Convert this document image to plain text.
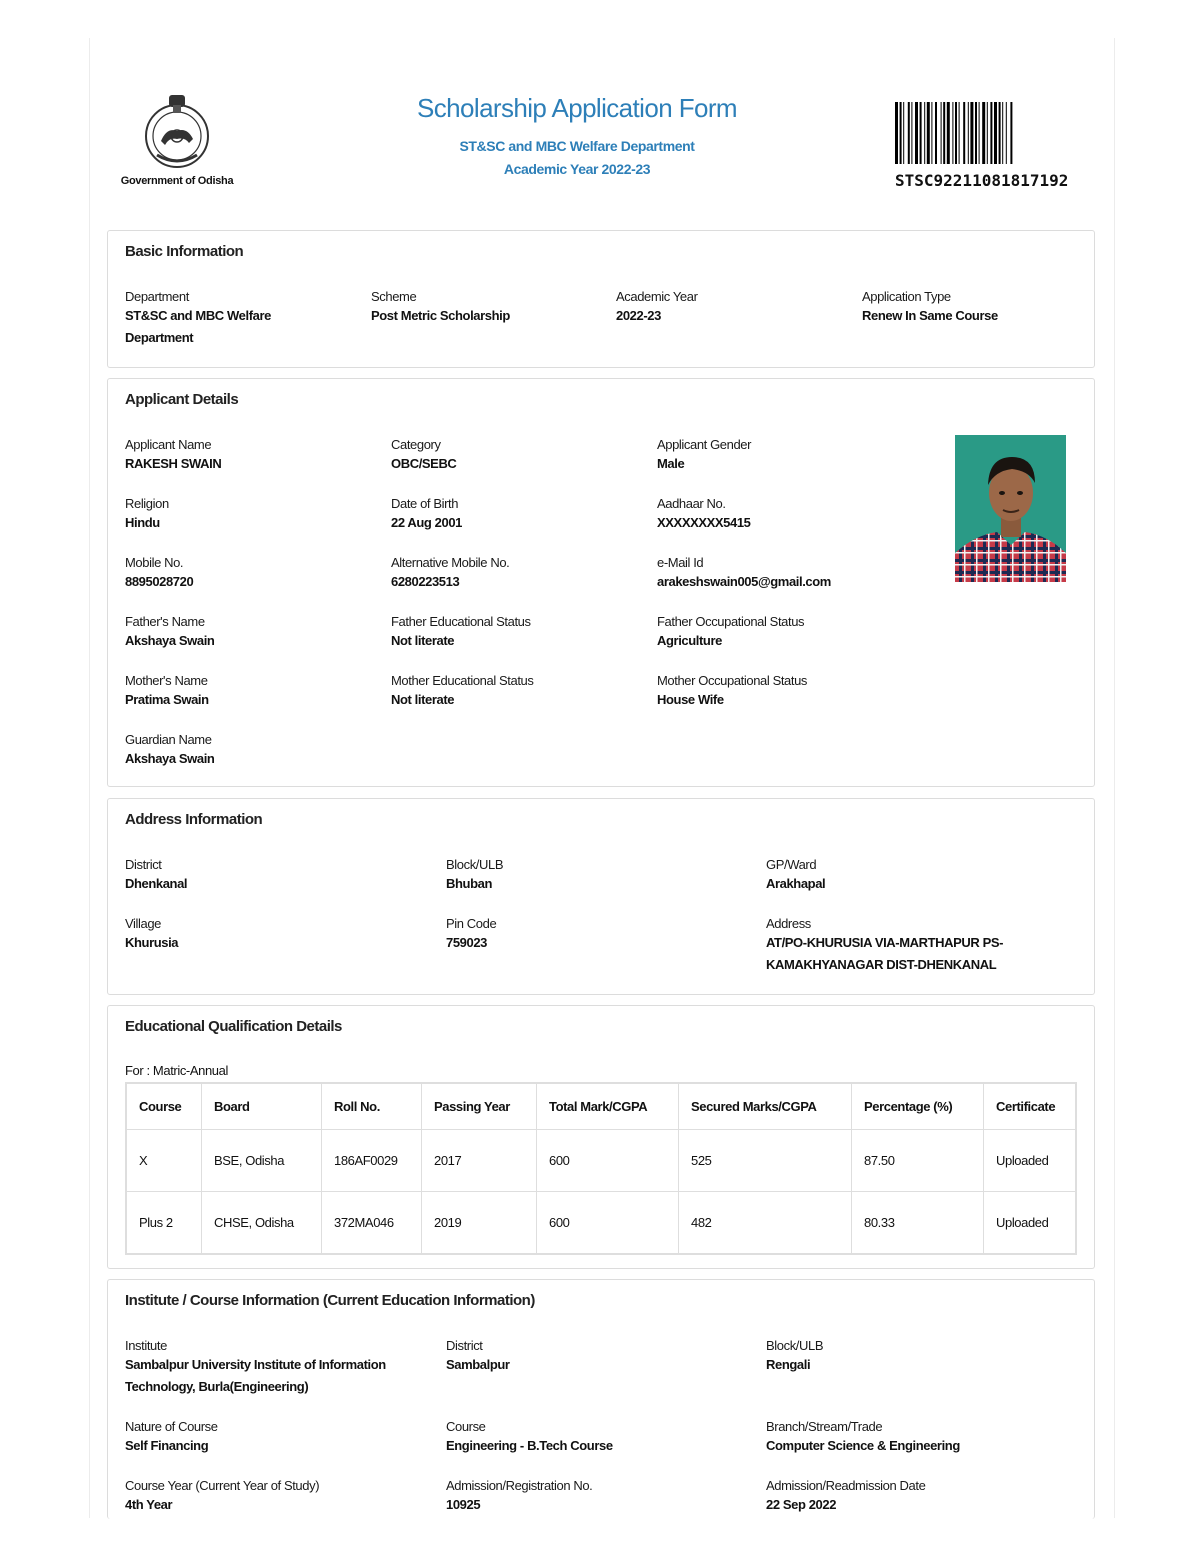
Government of Odisha
Scholarship Application Form
ST&SC and MBC Welfare Department
Academic Year 2022-23
STSC92211081817192
Basic Information
Department
ST&SC and MBC Welfare Department
Scheme
Post Metric Scholarship
Academic Year
2022-23
Application Type
Renew In Same Course
Applicant Details
Applicant Name
RAKESH SWAIN
Category
OBC/SEBC
Applicant Gender
Male
Religion
Hindu
Date of Birth
22 Aug 2001
Aadhaar No.
XXXXXXXX5415
Mobile No.
8895028720
Alternative Mobile No.
6280223513
e-Mail Id
arakeshswain005@gmail.com
Father's Name
Akshaya Swain
Father Educational Status
Not literate
Father Occupational Status
Agriculture
Mother's Name
Pratima Swain
Mother Educational Status
Not literate
Mother Occupational Status
House Wife
Guardian Name
Akshaya Swain
Address Information
District
Dhenkanal
Block/ULB
Bhuban
GP/Ward
Arakhapal
Village
Khurusia
Pin Code
759023
Address
AT/PO-KHURUSIA VIA-MARTHAPUR PS-KAMAKHYANAGAR DIST-DHENKANAL
Educational Qualification Details
For : Matric-Annual
Course	Board	Roll No.	Passing Year	Total Mark/CGPA	Secured Marks/CGPA	Percentage (%)	Certificate
X	BSE, Odisha	186AF0029	2017	600	525	87.50	Uploaded
Plus 2	CHSE, Odisha	372MA046	2019	600	482	80.33	Uploaded
Institute / Course Information (Current Education Information)
Institute
Sambalpur University Institute of Information Technology, Burla(Engineering)
District
Sambalpur
Block/ULB
Rengali
Nature of Course
Self Financing
Course
Engineering - B.Tech Course
Branch/Stream/Trade
Computer Science & Engineering
Course Year (Current Year of Study)
4th Year
Admission/Registration No.
10925
Admission/Readmission Date
22 Sep 2022
